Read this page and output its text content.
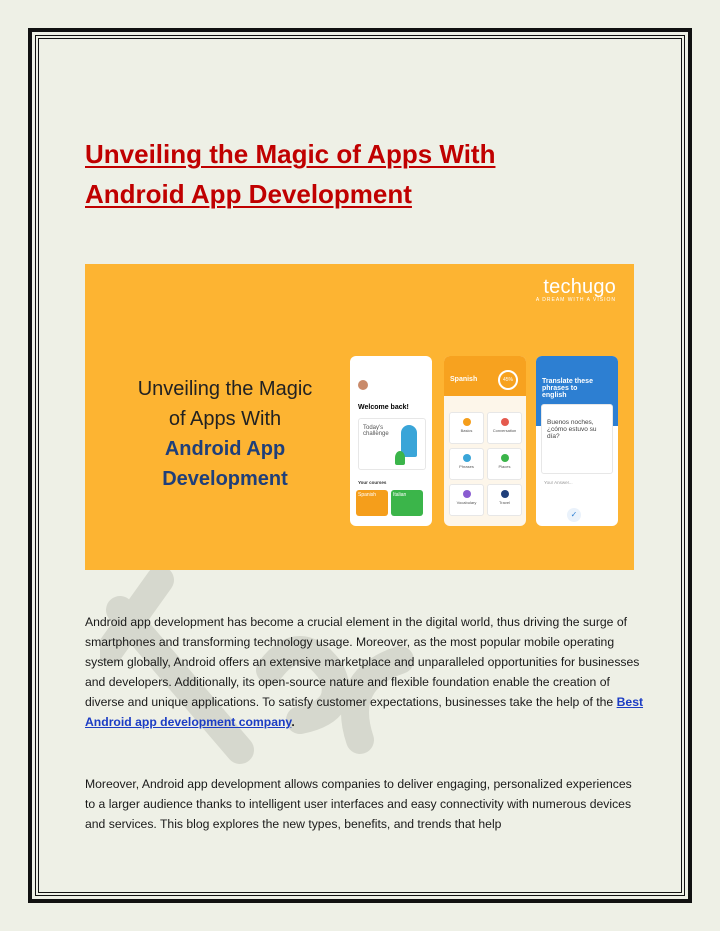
Unveiling the Magic of Apps With
Android App Development
techugo
A DREAM WITH A VISION
Unveiling the Magic
of Apps With
Android App
Development
Welcome back!
Today's challenge
Your courses
Spanish	Italian
Spanish	45%
Basics	Conversation
Phrases	Places
Vocabulary	Travel
Translate these phrases to english
Buenos noches, ¿cómo estuvo su día?
Your Answer...
✓

Android app development has become a crucial element in the digital world, thus driving the surge of smartphones and transforming technology usage. Moreover, as the most popular mobile operating system globally, Android offers an extensive marketplace and unparalleled opportunities for businesses and developers. Additionally, its open-source nature and flexible foundation enable the creation of diverse and unique applications. To satisfy customer expectations, businesses take the help of the Best Android app development company.

Moreover, Android app development allows companies to deliver engaging, personalized experiences to a larger audience thanks to intelligent user interfaces and easy connectivity with numerous devices and services. This blog explores the new types, benefits, and trends that help
